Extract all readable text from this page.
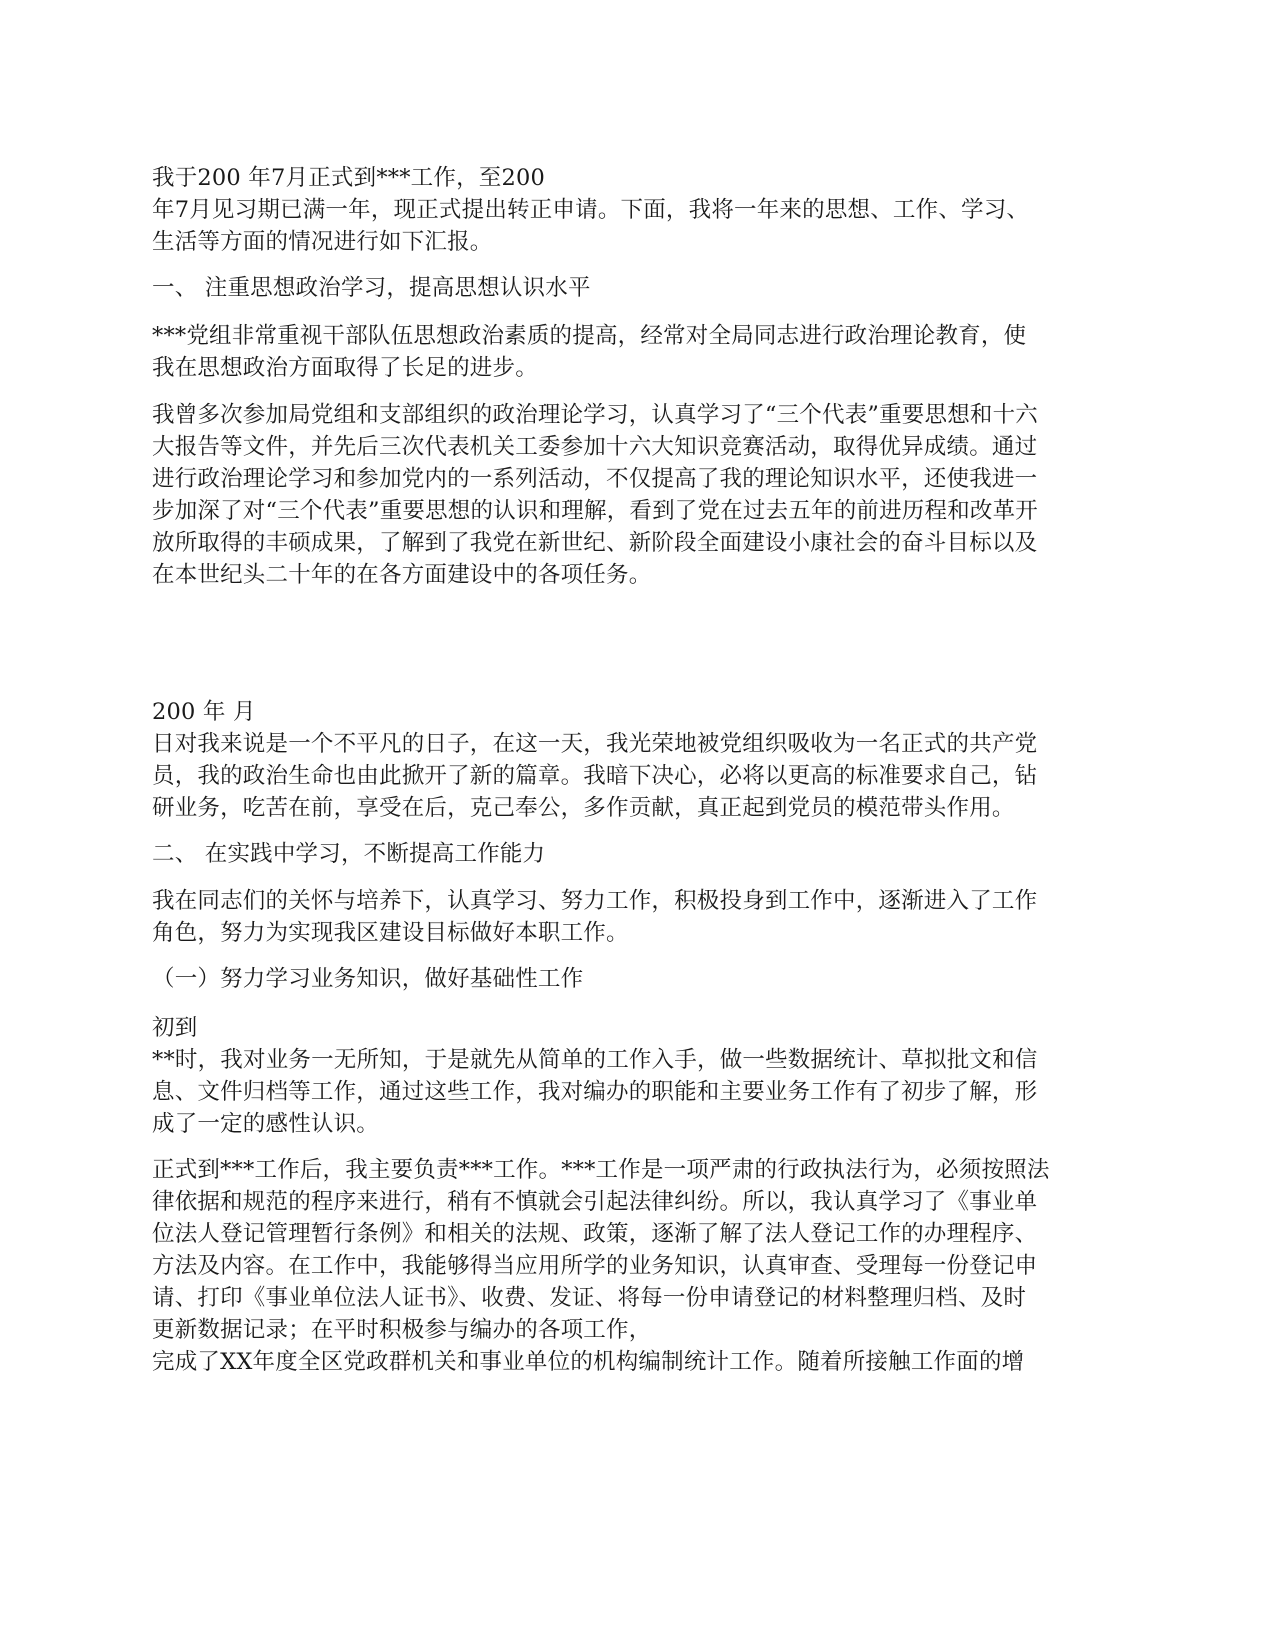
我于200 年7月正式到***工作，至200
年7月见习期已满一年，现正式提出转正申请。下面，我将一年来的思想、工作、学习、
生活等方面的情况进行如下汇报。
一、 注重思想政治学习，提高思想认识水平
***党组非常重视干部队伍思想政治素质的提高，经常对全局同志进行政治理论教育，使
我在思想政治方面取得了长足的进步。
我曾多次参加局党组和支部组织的政治理论学习，认真学习了“三个代表”重要思想和十六
大报告等文件，并先后三次代表机关工委参加十六大知识竞赛活动，取得优异成绩。通过
进行政治理论学习和参加党内的一系列活动，不仅提高了我的理论知识水平，还使我进一
步加深了对“三个代表”重要思想的认识和理解，看到了党在过去五年的前进历程和改革开
放所取得的丰硕成果，了解到了我党在新世纪、新阶段全面建设小康社会的奋斗目标以及
在本世纪头二十年的在各方面建设中的各项任务。
200 年 月
日对我来说是一个不平凡的日子，在这一天，我光荣地被党组织吸收为一名正式的共产党
员，我的政治生命也由此掀开了新的篇章。我暗下决心，必将以更高的标准要求自己，钻
研业务，吃苦在前，享受在后，克己奉公，多作贡献，真正起到党员的模范带头作用。
二、 在实践中学习，不断提高工作能力
我在同志们的关怀与培养下，认真学习、努力工作，积极投身到工作中，逐渐进入了工作
角色，努力为实现我区建设目标做好本职工作。
（一）努力学习业务知识，做好基础性工作
初到
**时，我对业务一无所知，于是就先从简单的工作入手，做一些数据统计、草拟批文和信
息、文件归档等工作，通过这些工作，我对编办的职能和主要业务工作有了初步了解，形
成了一定的感性认识。
正式到***工作后，我主要负责***工作。***工作是一项严肃的行政执法行为，必须按照法
律依据和规范的程序来进行，稍有不慎就会引起法律纠纷。所以，我认真学习了《事业单
位法人登记管理暂行条例》和相关的法规、政策，逐渐了解了法人登记工作的办理程序、
方法及内容。在工作中，我能够得当应用所学的业务知识，认真审查、受理每一份登记申
请、打印《事业单位法人证书》、收费、发证、将每一份申请登记的材料整理归档、及时
更新数据记录；在平时积极参与编办的各项工作，
完成了XX年度全区党政群机关和事业单位的机构编制统计工作。随着所接触工作面的增
